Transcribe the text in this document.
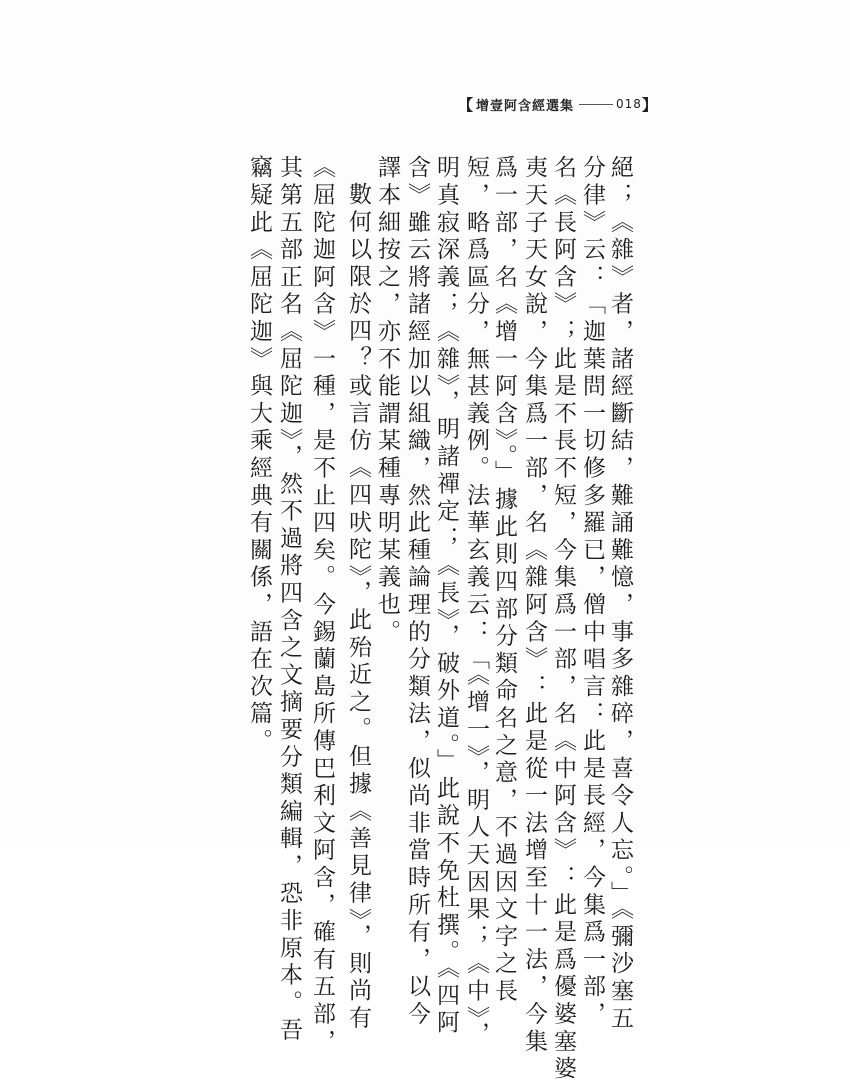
【 增壹阿含經選集	018 】
絕；《雜》者，諸經斷結，難誦難憶，事多雜碎，喜令人忘。」《彌沙塞五
分律》云：「迦葉問一切修多羅已，僧中唱言：此是長經，今集爲一部，
名《長阿含》；此是不長不短，今集爲一部，名《中阿含》：此是爲優婆塞婆
夷天子天女說，今集爲一部，名《雜阿含》：此是從一法增至十一法，今集
爲一部，名《增一阿含》。」據此則四部分類命名之意，不過因文字之長
短，略爲區分，無甚義例。法華玄義云：「《增一》，明人天因果；《中》，
明真寂深義；《雜》，明諸禪定；《長》，破外道。」此說不免杜撰。《四阿
含》雖云將諸經加以組織，然此種論理的分類法，似尚非當時所有，以今
譯本細按之，亦不能謂某種專明某義也。
數何以限於四？或言仿《四吠陀》，此殆近之。但據《善見律》，則尚有
《屈陀迦阿含》一種，是不止四矣。今錫蘭島所傳巴利文阿含，確有五部，
其第五部正名《屈陀迦》，然不過將四含之文摘要分類編輯，恐非原本。吾
竊疑此《屈陀迦》與大乘經典有關係，語在次篇。
